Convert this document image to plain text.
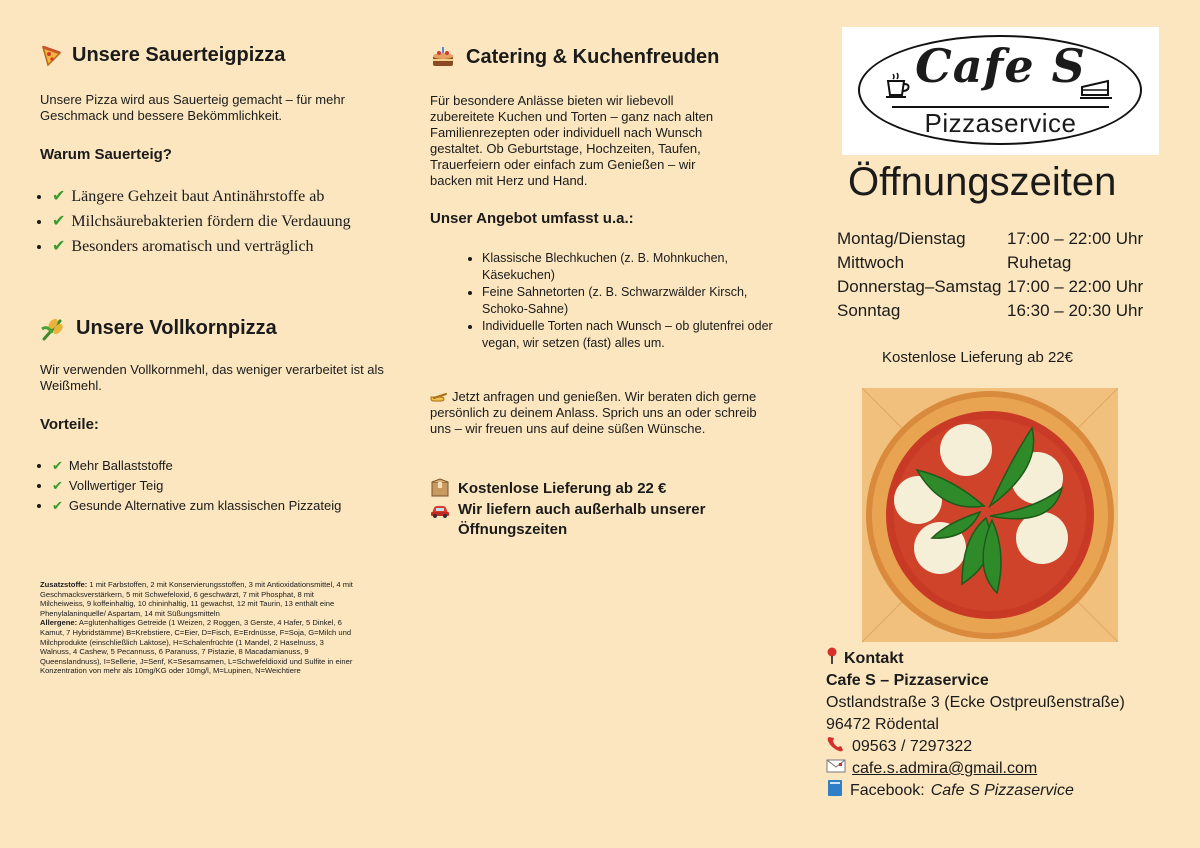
Unsere Sauerteigpizza

Unsere Pizza wird aus Sauerteig gemacht – für mehr Geschmack und bessere Bekömmlichkeit.

Warum Sauerteig?
• ✔ Längere Gehzeit baut Antinährstoffe ab
• ✔ Milchsäurebakterien fördern die Verdauung
• ✔ Besonders aromatisch und verträglich
Unsere Vollkornpizza

Wir verwenden Vollkornmehl, das weniger verarbeitet ist als Weißmehl.

Vorteile:
• ✔ Mehr Ballaststoffe
• ✔ Vollwertiger Teig
• ✔ Gesunde Alternative zum klassischen Pizzateig
Zusatzstoffe: 1 mit Farbstoffen, 2 mit Konservierungsstoffen, 3 mit Antioxidationsmittel, 4 mit Geschmacksverstärkern, 5 mit Schwefeloxid, 6 geschwärzt, 7 mit Phosphat, 8 mit Milcheiweiss, 9 koffeinhaltig, 10 chininhaltig, 11 gewachst, 12 mit Taurin, 13 enthält eine Phenylalaninquelle/ Aspartam, 14 mit Süßungsmitteln
Allergene: A=glutenhaltiges Getreide (1 Weizen, 2 Roggen, 3 Gerste, 4 Hafer, 5 Dinkel, 6 Kamut, 7 Hybridstämme) B=Krebstiere, C=Eier, D=Fisch, E=Erdnüsse, F=Soja, G=Milch und Milchprodukte (einschließlich Laktose), H=Schalenfrüchte (1 Mandel, 2 Haselnuss, 3 Walnuss, 4 Cashew, 5 Pecannuss, 6 Paranuss, 7 Pistazie, 8 Macadamianuss, 9 Queenslandnuss), I=Sellerie, J=Senf, K=Sesamsamen, L=Schwefeldioxid und Sulfite in einer Konzentration von mehr als 10mg/KG oder 10mg/l, M=Lupinen, N=Weichtiere
Catering & Kuchenfreuden

Für besondere Anlässe bieten wir liebevoll zubereitete Kuchen und Torten – ganz nach alten Familienrezepten oder individuell nach Wunsch gestaltet. Ob Geburtstage, Hochzeiten, Taufen, Trauerfeiern oder einfach zum Genießen – wir backen mit Herz und Hand.

Unser Angebot umfasst u.a.:
• Klassische Blechkuchen (z. B. Mohnkuchen, Käsekuchen)
• Feine Sahnetorten (z. B. Schwarzwälder Kirsch, Schoko-Sahne)
• Individuelle Torten nach Wunsch – ob glutenfrei oder vegan, wir setzen (fast) alles um.
Jetzt anfragen und genießen. Wir beraten dich gerne persönlich zu deinem Anlass. Sprich uns an oder schreib uns – wir freuen uns auf deine süßen Wünsche.
Kostenlose Lieferung ab 22 €
Wir liefern auch außerhalb unserer Öffnungszeiten
Cafe S
Pizzaservice
Öffnungszeiten
Montag/Dienstag 17:00 – 22:00 Uhr
Mittwoch	Ruhetag
Donnerstag–Samstag 17:00 – 22:00 Uhr
Sonntag	16:30 – 20:30 Uhr
Kostenlose Lieferung ab 22€
Kontakt
Cafe S – Pizzaservice
Ostlandstraße 3 (Ecke Ostpreußenstraße)
96472 Rödental
09563 / 7297322
cafe.s.admira@gmail.com
Facebook: Cafe S Pizzaservice
